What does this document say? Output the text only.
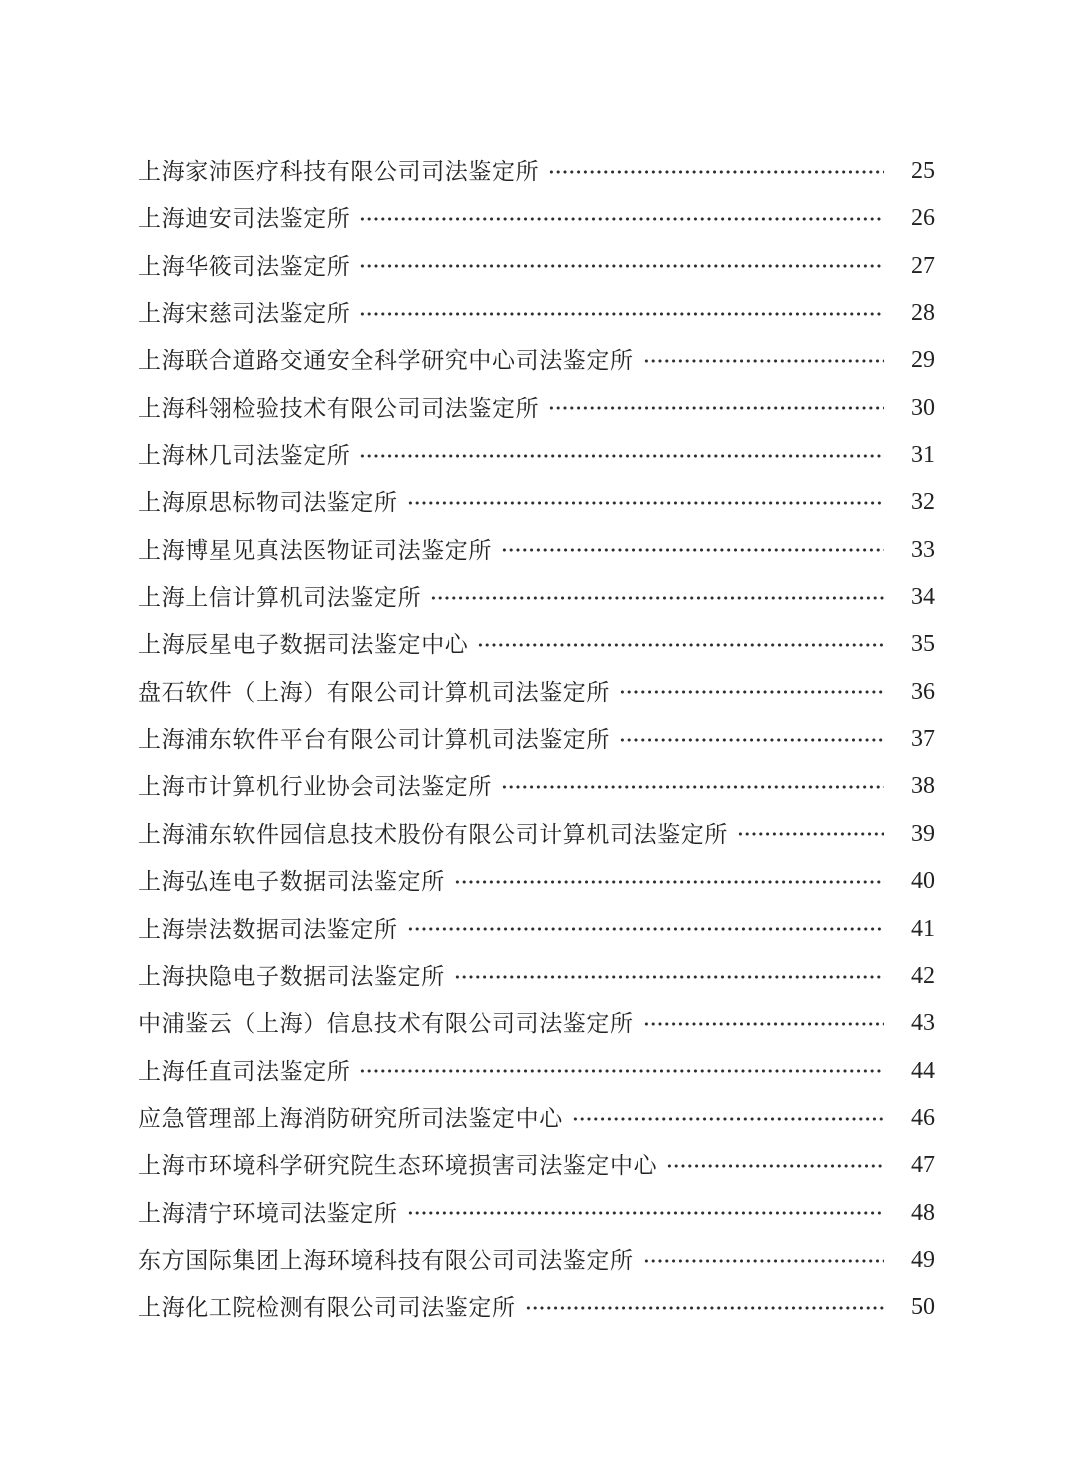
上海家沛医疗科技有限公司司法鉴定所	25
上海迪安司法鉴定所	26
上海华筱司法鉴定所	27
上海宋慈司法鉴定所	28
上海联合道路交通安全科学研究中心司法鉴定所	29
上海科翎检验技术有限公司司法鉴定所	30
上海林几司法鉴定所	31
上海原思标物司法鉴定所	32
上海博星见真法医物证司法鉴定所	33
上海上信计算机司法鉴定所	34
上海辰星电子数据司法鉴定中心	35
盘石软件（上海）有限公司计算机司法鉴定所	36
上海浦东软件平台有限公司计算机司法鉴定所	37
上海市计算机行业协会司法鉴定所	38
上海浦东软件园信息技术股份有限公司计算机司法鉴定所	39
上海弘连电子数据司法鉴定所	40
上海崇法数据司法鉴定所	41
上海抉隐电子数据司法鉴定所	42
中浦鉴云（上海）信息技术有限公司司法鉴定所	43
上海任直司法鉴定所	44
应急管理部上海消防研究所司法鉴定中心	46
上海市环境科学研究院生态环境损害司法鉴定中心	47
上海清宁环境司法鉴定所	48
东方国际集团上海环境科技有限公司司法鉴定所	49
上海化工院检测有限公司司法鉴定所	50
